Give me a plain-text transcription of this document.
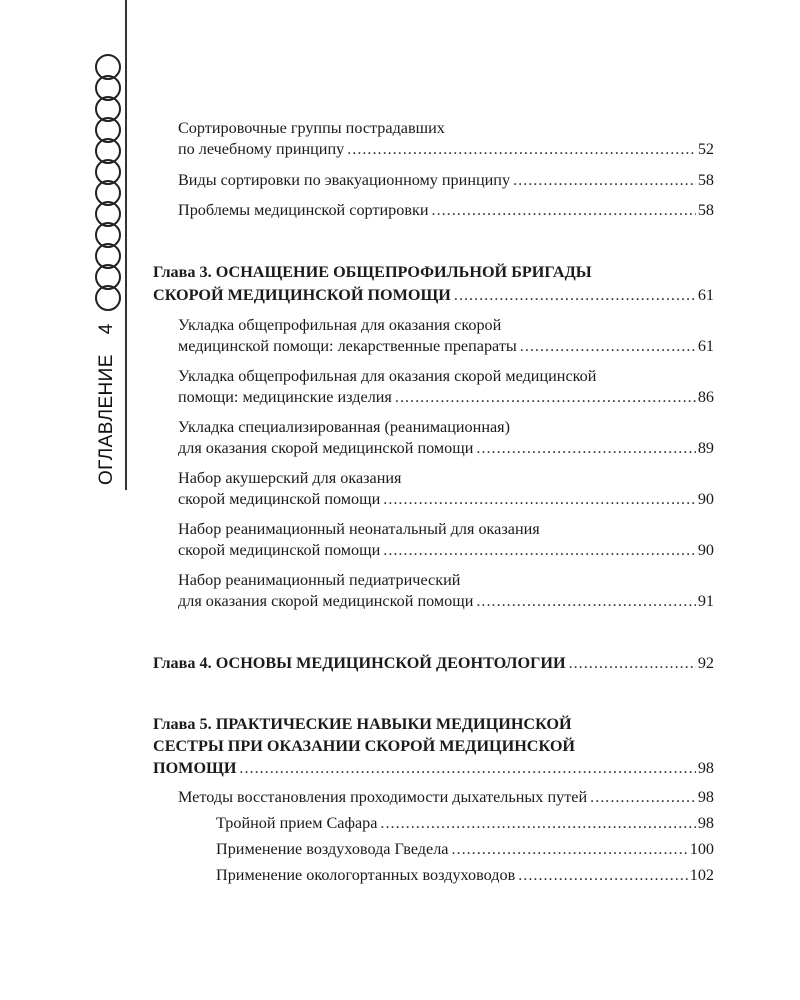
ОГЛАВЛЕНИЕ4
Сортировочные группы пострадавших
по лечебному принципу .....	52
Виды сортировки по эвакуационному принципу .....	58
Проблемы медицинской сортировки .....	58
Глава 3. ОСНАЩЕНИЕ ОБЩЕПРОФИЛЬНОЙ БРИГАДЫ
СКОРОЙ МЕДИЦИНСКОЙ ПОМОЩИ .....	61
Укладка общепрофильная для оказания скорой
медицинской помощи: лекарственные препараты .....	61
Укладка общепрофильная для оказания скорой медицинской
помощи: медицинские изделия .....	86
Укладка специализированная (реанимационная)
для оказания скорой медицинской помощи .....	89
Набор акушерский для оказания
скорой медицинской помощи .....	90
Набор реанимационный неонатальный для оказания
скорой медицинской помощи .....	90
Набор реанимационный педиатрический
для оказания скорой медицинской помощи .....	91
Глава 4. ОСНОВЫ МЕДИЦИНСКОЙ ДЕОНТОЛОГИИ .....	92
Глава 5. ПРАКТИЧЕСКИЕ НАВЫКИ МЕДИЦИНСКОЙ
СЕСТРЫ ПРИ ОКАЗАНИИ СКОРОЙ МЕДИЦИНСКОЙ
ПОМОЩИ .....	98
Методы восстановления проходимости дыхательных путей .....	98
Тройной прием Сафара .....	98
Применение воздуховода Гведела .....	100
Применение окологортанных воздуховодов .....	102
